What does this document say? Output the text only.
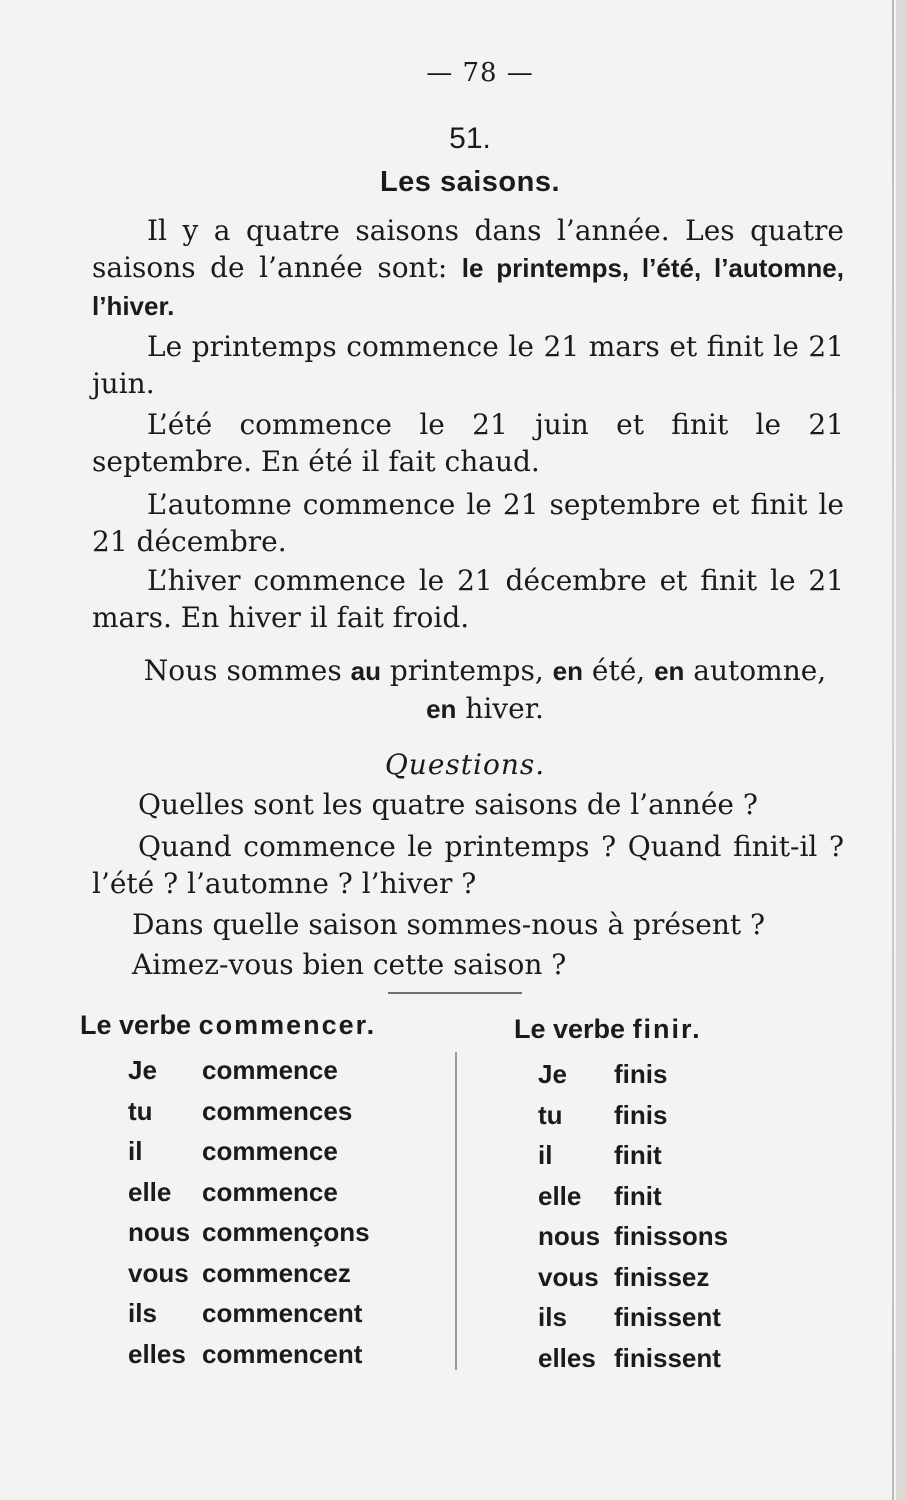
— 78 —
51.
Les saisons.
Il y a quatre saisons dans l’année. Les quatre saisons de l’année sont: le printemps, l’été, l’automne, l’hiver.
Le printemps commence le 21 mars et finit le 21 juin.
L’été commence le 21 juin et finit le 21 septembre. En été il fait chaud.
L’automne commence le 21 septembre et finit le 21 décembre.
L’hiver commence le 21 décembre et finit le 21 mars. En hiver il fait froid.
Nous sommes au printemps, en été, en automne,
en hiver.
Questions.
Quelles sont les quatre saisons de l’année ?
Quand commence le printemps ? Quand finit-il ? l’été ? l’automne ? l’hiver ?
Dans quelle saison sommes-nous à présent ?
Aimez-vous bien cette saison ?
Le verbe commencer.	Le verbe finir.
Je	commence
tu	commences
il	commence
elle	commence
nous commençons
vous commencez
ils	commencent
elles commencent
Je	finis
tu	finis
il	finit
elle	finit
nous finissons
vous finissez
ils	finissent
elles finissent
